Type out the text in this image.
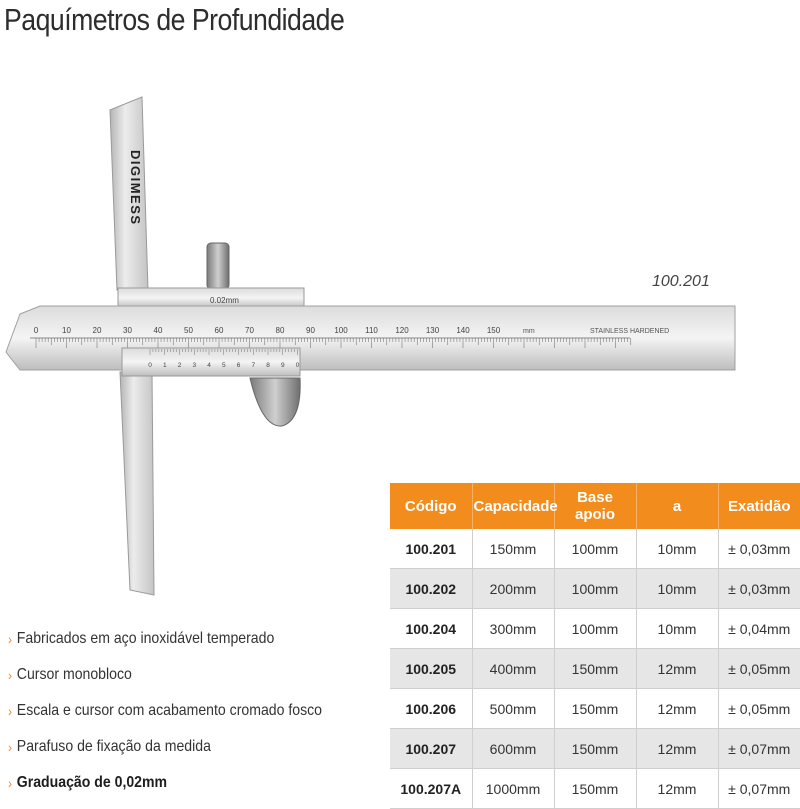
Paquímetros de Profundidade
0	10	20	30	40	50	60	70	80	90 100 110 120 130 140 150	mm	STAINLESS HARDENED
0 1 2 3 4 5 6 7 8 9 0
DIGIMESS
0.02mm
100.201
› Fabricados em aço inoxidável temperado
› Cursor monobloco
› Escala e cursor com acabamento cromado fosco
› Parafuso de fixação da medida
› Graduação de 0,02mm
Código	Capacidade	Base apoio	a	Exatidão
100.201	150mm	100mm	10mm	± 0,03mm
100.202	200mm	100mm	10mm	± 0,03mm
100.204	300mm	100mm	10mm	± 0,04mm
100.205	400mm	150mm	12mm	± 0,05mm
100.206	500mm	150mm	12mm	± 0,05mm
100.207	600mm	150mm	12mm	± 0,07mm
100.207A	1000mm	150mm	12mm	± 0,07mm
